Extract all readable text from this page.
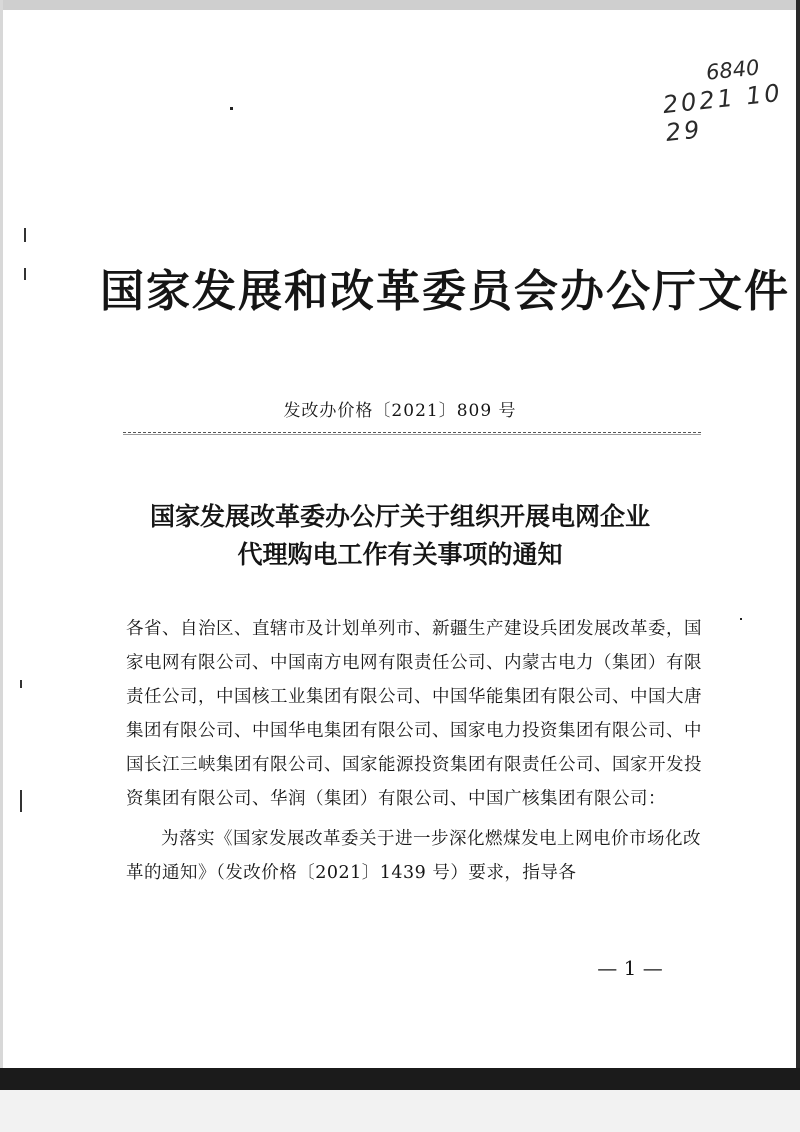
6840
2021 10 29
国家发展和改革委员会办公厅文件
发改办价格〔2021〕809 号
国家发展改革委办公厅关于组织开展电网企业
代理购电工作有关事项的通知

各省、自治区、直辖市及计划单列市、新疆生产建设兵团发展改革委，国家电网有限公司、中国南方电网有限责任公司、内蒙古电力（集团）有限责任公司，中国核工业集团有限公司、中国华能集团有限公司、中国大唐集团有限公司、中国华电集团有限公司、国家电力投资集团有限公司、中国长江三峡集团有限公司、国家能源投资集团有限责任公司、国家开发投资集团有限公司、华润（集团）有限公司、中国广核集团有限公司：

为落实《国家发展改革委关于进一步深化燃煤发电上网电价市场化改革的通知》（发改价格〔2021〕1439 号）要求，指导各

— 1 —
